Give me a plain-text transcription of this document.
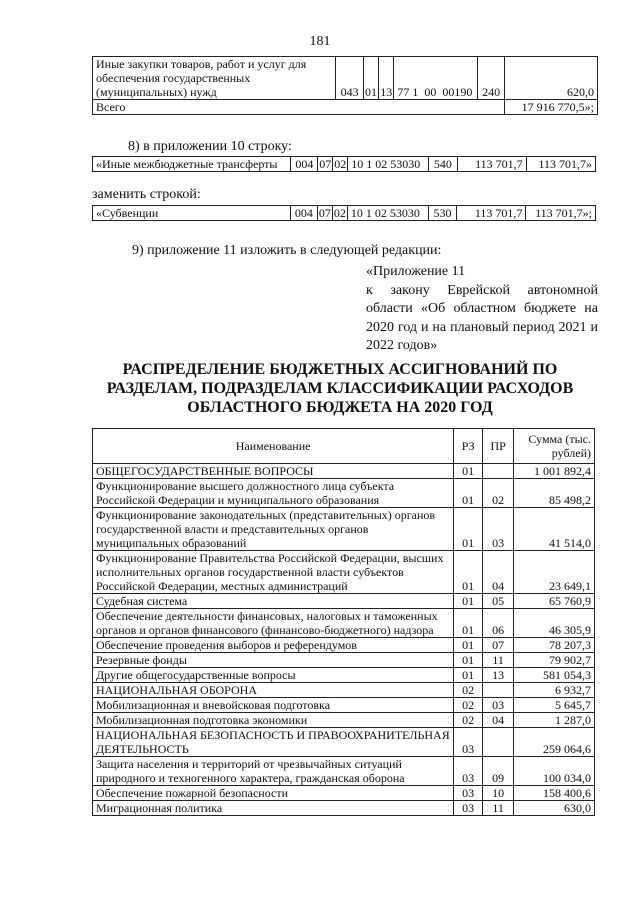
181
Иные закупки товаров, работ и услуг для обеспечения государственных (муниципальных) нужд	043	01	13	77 1 00 00190	240	620,0
Всего						17 916 770,5»;
8) в приложении 10 строку:
«Иные межбюджетные трансферты	004	07	02	10 1 02 53030	540	113 701,7	113 701,7»
заменить строкой:
«Субвенции	004	07	02	10 1 02 53030	530	113 701,7	113 701,7»;
9) приложение 11 изложить в следующей редакции:
«Приложение 11
к закону Еврейской автономной области «Об областном бюджете на 2020 год и на плановый период 2021 и 2022 годов»
РАСПРЕДЕЛЕНИЕ БЮДЖЕТНЫХ АССИГНОВАНИЙ ПО
РАЗДЕЛАМ, ПОДРАЗДЕЛАМ КЛАССИФИКАЦИИ РАСХОДОВ
ОБЛАСТНОГО БЮДЖЕТА НА 2020 ГОД
Наименование	РЗ	ПР	Сумма (тыс. рублей)
ОБЩЕГОСУДАРСТВЕННЫЕ ВОПРОСЫ	01		1 001 892,4
Функционирование высшего должностного лица субъекта Российской Федерации и муниципального образования	01	02	85 498,2
Функционирование законодательных (представительных) органов государственной власти и представительных органов муниципальных образований	01	03	41 514,0
Функционирование Правительства Российской Федерации, высших исполнительных органов государственной власти субъектов Российской Федерации, местных администраций	01	04	23 649,1
Судебная система	01	05	65 760,9
Обеспечение деятельности финансовых, налоговых и таможенных органов и органов финансового (финансово-бюджетного) надзора	01	06	46 305,9
Обеспечение проведения выборов и референдумов	01	07	78 207,3
Резервные фонды	01	11	79 902,7
Другие общегосударственные вопросы	01	13	581 054,3
НАЦИОНАЛЬНАЯ ОБОРОНА	02		6 932,7
Мобилизационная и вневойсковая подготовка	02	03	5 645,7
Мобилизационная подготовка экономики	02	04	1 287,0
НАЦИОНАЛЬНАЯ БЕЗОПАСНОСТЬ И ПРАВООХРАНИТЕЛЬНАЯ ДЕЯТЕЛЬНОСТЬ	03		259 064,6
Защита населения и территорий от чрезвычайных ситуаций природного и техногенного характера, гражданская оборона	03	09	100 034,0
Обеспечение пожарной безопасности	03	10	158 400,6
Миграционная политика	03	11	630,0
